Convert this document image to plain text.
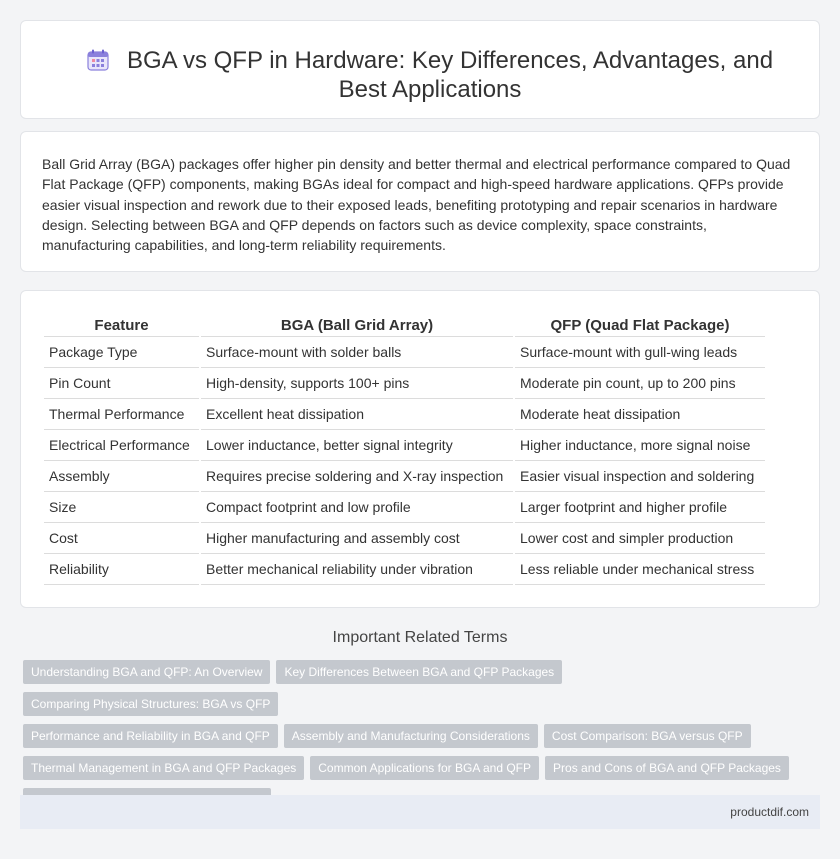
BGA vs QFP in Hardware: Key Differences, Advantages, and Best Applications

Ball Grid Array (BGA) packages offer higher pin density and better thermal and electrical performance compared to Quad Flat Package (QFP) components, making BGAs ideal for compact and high-speed hardware applications. QFPs provide easier visual inspection and rework due to their exposed leads, benefiting prototyping and repair scenarios in hardware design. Selecting between BGA and QFP depends on factors such as device complexity, space constraints, manufacturing capabilities, and long-term reliability requirements.

Feature	BGA (Ball Grid Array)	QFP (Quad Flat Package)
Package Type	Surface-mount with solder balls	Surface-mount with gull-wing leads
Pin Count	High-density, supports 100+ pins	Moderate pin count, up to 200 pins
Thermal Performance	Excellent heat dissipation	Moderate heat dissipation
Electrical Performance	Lower inductance, better signal integrity	Higher inductance, more signal noise
Assembly	Requires precise soldering and X-ray inspection	Easier visual inspection and soldering
Size	Compact footprint and low profile	Larger footprint and higher profile
Cost	Higher manufacturing and assembly cost	Lower cost and simpler production
Reliability	Better mechanical reliability under vibration	Less reliable under mechanical stress
Important Related Terms
Understanding BGA and QFP: An Overview Key Differences Between BGA and QFP PackagesComparing Physical Structures: BGA vs QFP
Performance and Reliability in BGA and QFP Assembly and Manufacturing Considerations Cost Comparison: BGA versus QFP
Thermal Management in BGA and QFP Packages Common Applications for BGA and QFP Pros and Cons of BGA and QFP Packages

productdif.com
